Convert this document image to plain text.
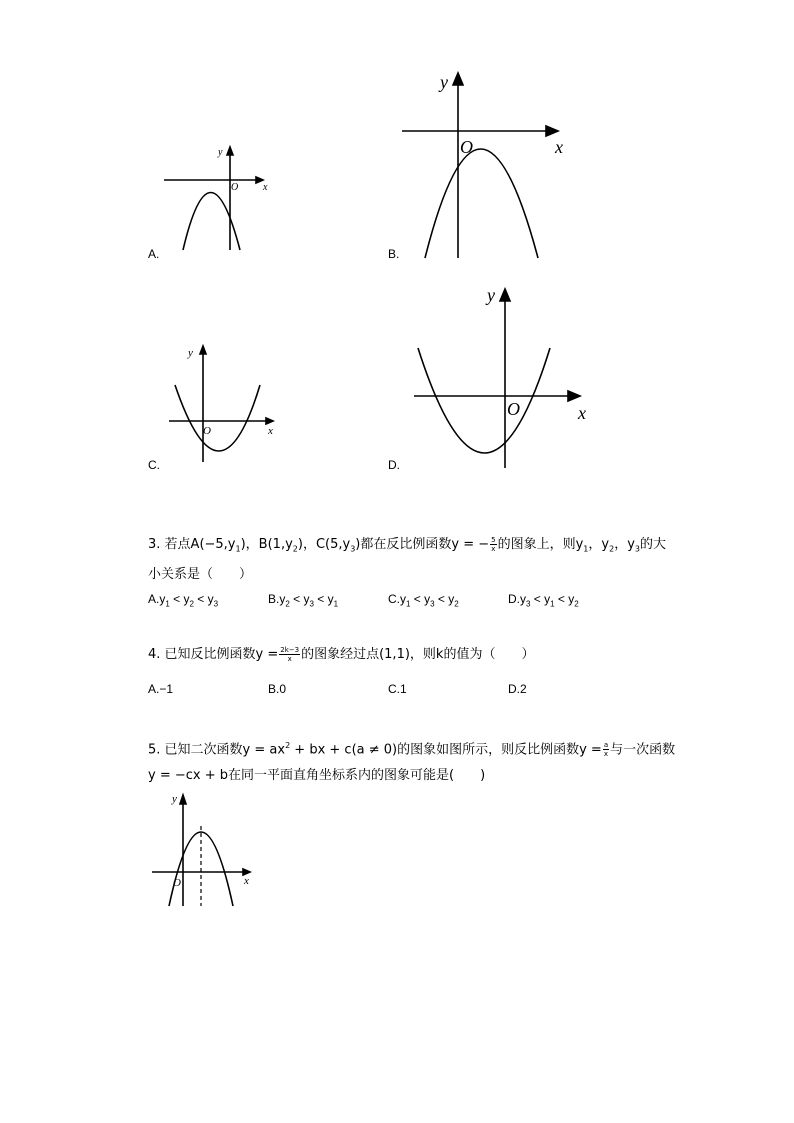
y
x
O
A.
y
x
O
B.
y
x
O
C.
y
x
O
D.
3. 若点$A(-5,y_1)$，$B(1,y_2)$，$C(5,y_3)$都在反比例函数y = − $\frac{5}{x}$ 的图象上，则$y_1$，$y_2$，$y_3$的大
小关系是（　　）
$A.y_1 < y_2 < y_3$	$B.y_2 < y_3 < y_1$	$C.y_1 < y_3 < y_2$	$D.y_3 < y_1 < y_2$
4. 已知反比例函数$y = \frac{2k-3}{x}$ 的图象经过点(1,1)，则k的值为（　　）
A.−1	B.0	C.1	D.2
5. 已知二次函数$y = ax^2$ + bx + c(a ≠ 0)的图象如图所示，则反比例函数$y = \frac{a}{x}$ 与一次函数
y = −cx + b在同一平面直角坐标系内的图象可能是(　　)
y
x
O
